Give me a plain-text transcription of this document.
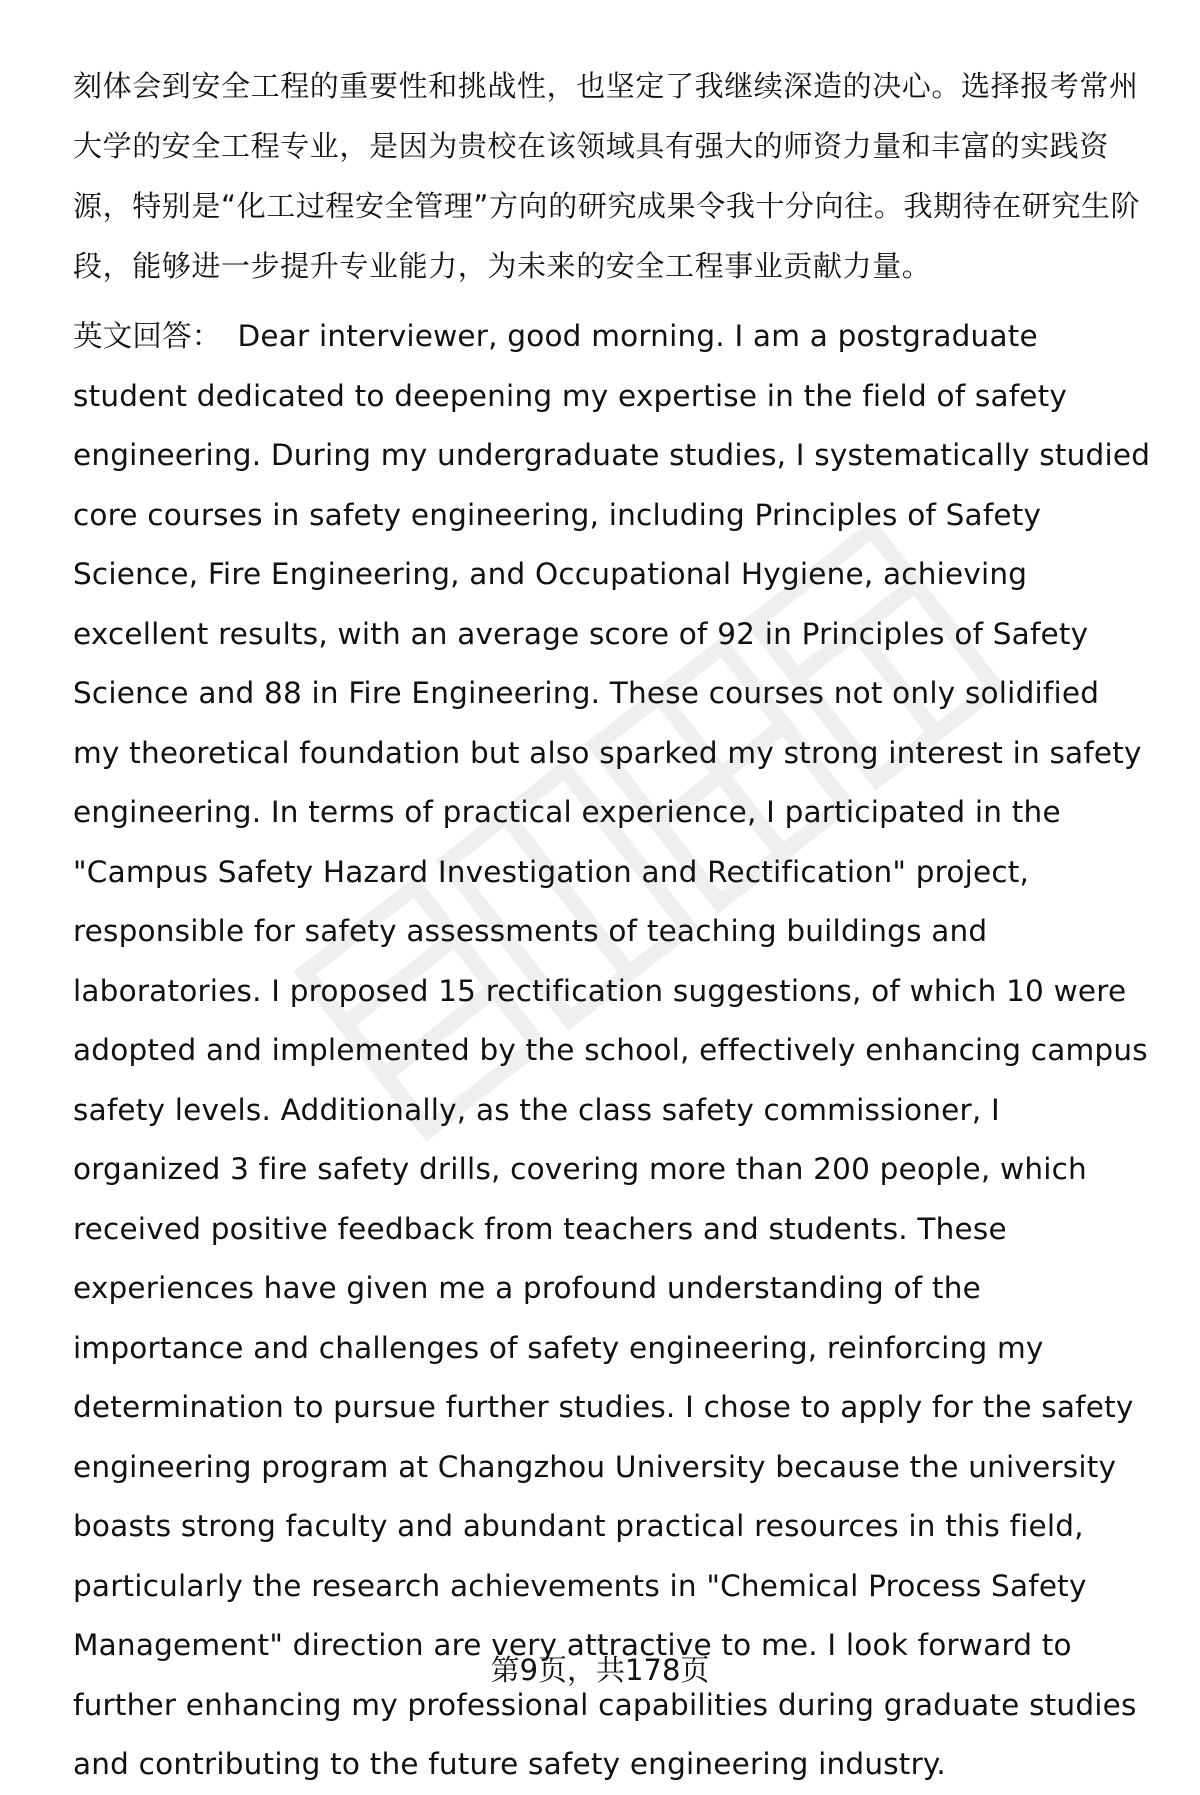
刻体会到安全工程的重要性和挑战性，也坚定了我继续深造的决心。选择报考常州大学的安全工程专业，是因为贵校在该领域具有强大的师资力量和丰富的实践资源，特别是“化工过程安全管理”方向的研究成果令我十分向往。我期待在研究生阶段，能够进一步提升专业能力，为未来的安全工程事业贡献力量。

英文回答： Dear interviewer, good morning. I am a postgraduate student dedicated to deepening my expertise in the field of safety engineering. During my undergraduate studies, I systematically studied core courses in safety engineering, including Principles of Safety Science, Fire Engineering, and Occupational Hygiene, achieving excellent results, with an average score of 92 in Principles of Safety Science and 88 in Fire Engineering. These courses not only solidified my theoretical foundation but also sparked my strong interest in safety engineering. In terms of practical experience, I participated in the "Campus Safety Hazard Investigation and Rectification" project, responsible for safety assessments of teaching buildings and laboratories. I proposed 15 rectification suggestions, of which 10 were adopted and implemented by the school, effectively enhancing campus safety levels. Additionally, as the class safety commissioner, I organized 3 fire safety drills, covering more than 200 people, which received positive feedback from teachers and students. These experiences have given me a profound understanding of the importance and challenges of safety engineering, reinforcing my determination to pursue further studies. I chose to apply for the safety engineering program at Changzhou University because the university boasts strong faculty and abundant practical resources in this field, particularly the research achievements in "Chemical Process Safety Management" direction are very attractive to me. I look forward to further enhancing my professional capabilities during graduate studies and contributing to the future safety engineering industry.

第9页，共178页
